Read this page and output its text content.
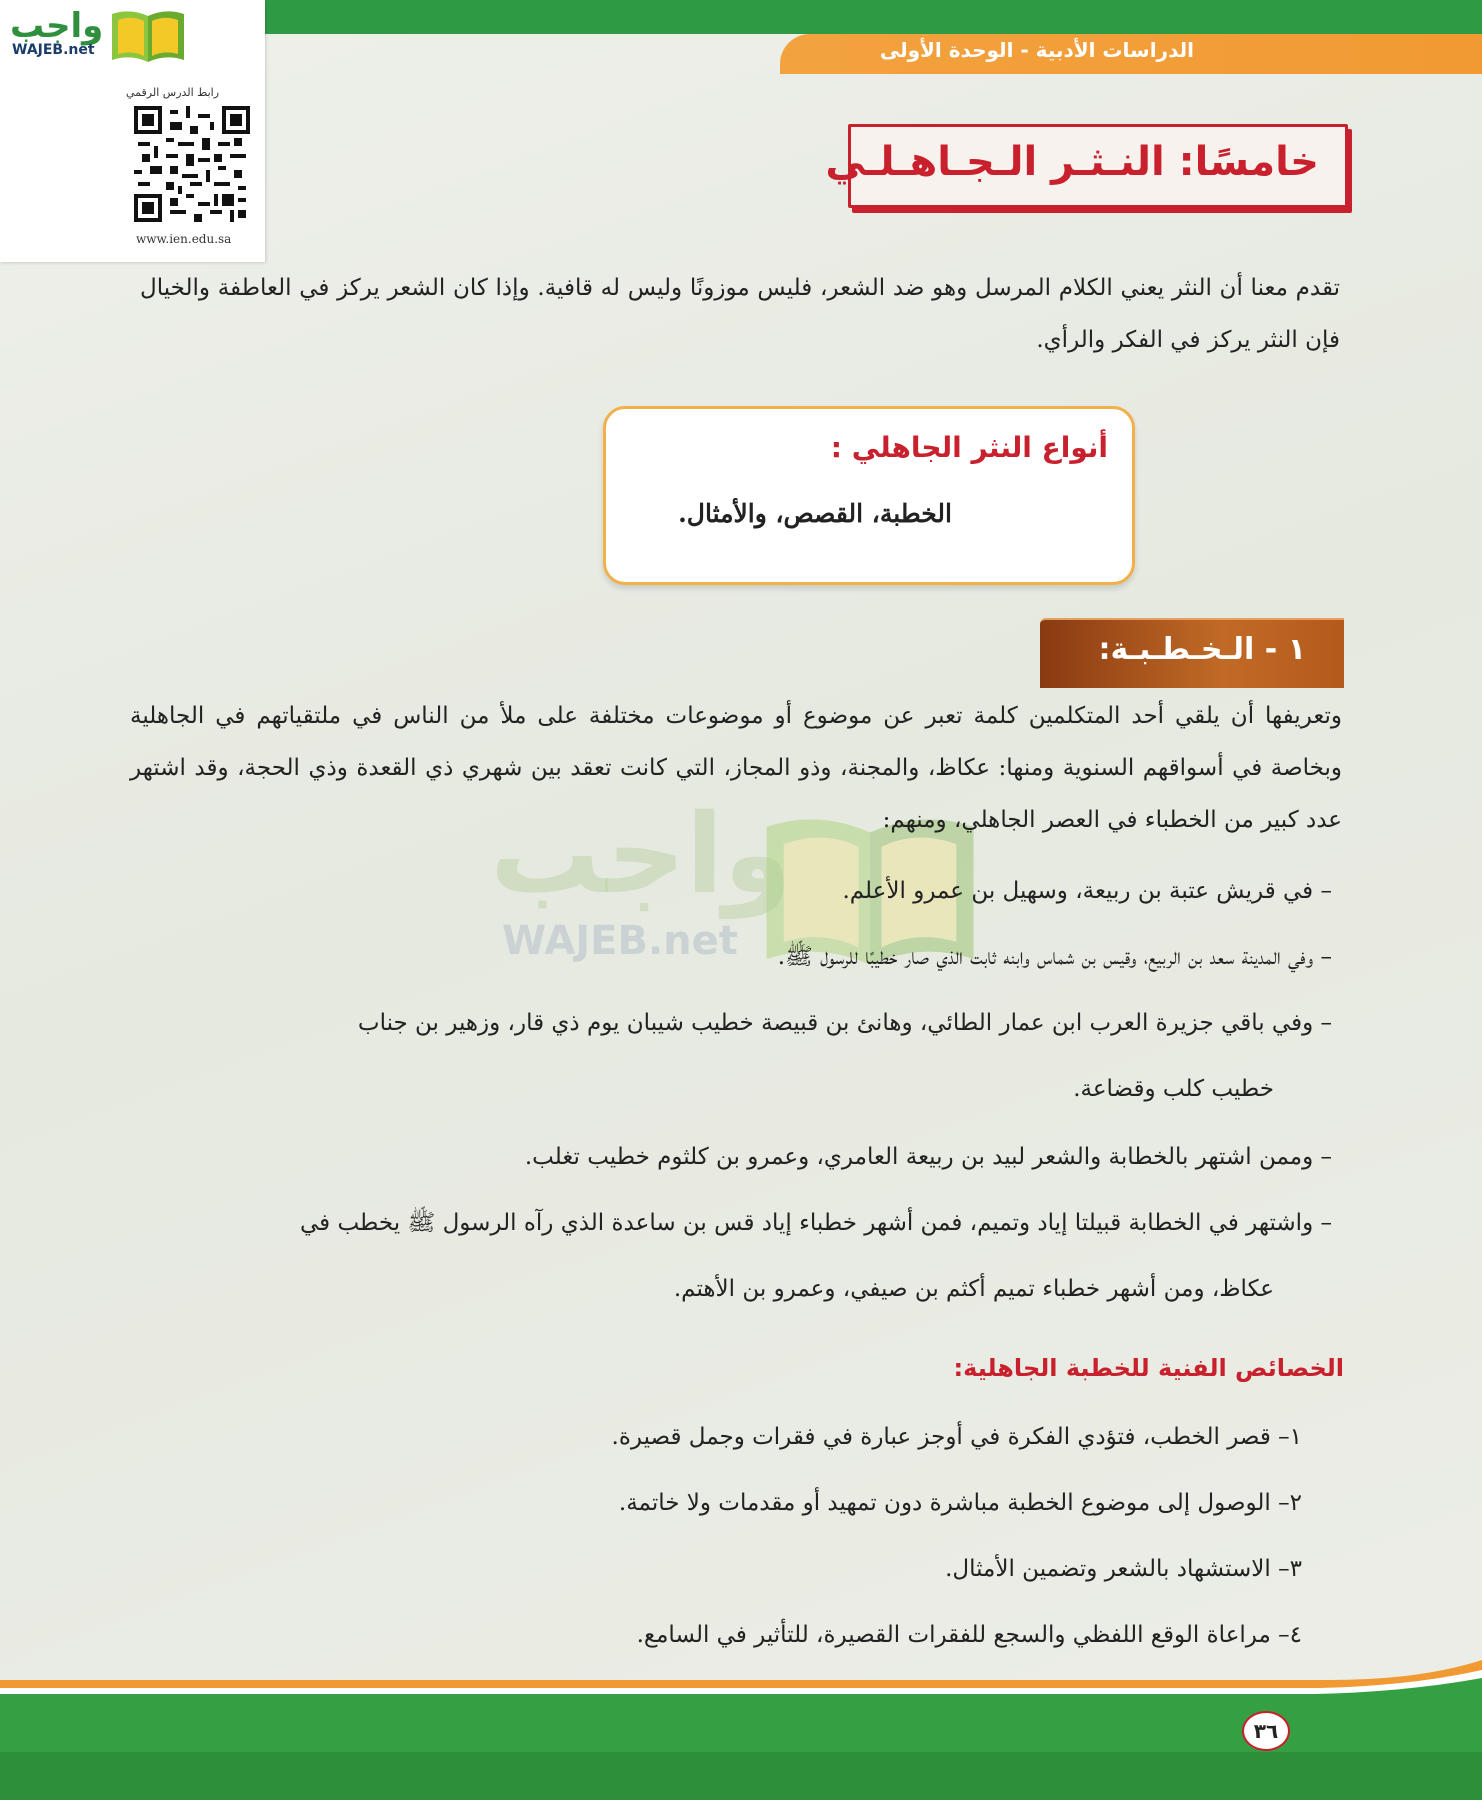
الدراسات الأدبية - الوحدة الأولى
واجب
WAJEB.net
رابط الدرس الرقمي
www.ien.edu.sa
خامسًا: النـثـر الـجـاهـلـي
تقدم معنا أن النثر يعني الكلام المرسل وهو ضد الشعر، فليس موزونًا وليس له قافية. وإذا كان الشعر يركز في العاطفة والخيال فإن النثر يركز في الفكر والرأي.
أنواع النثر الجاهلي :
الخطبة، القصص، والأمثال.
واجب
WAJEB.net
١ - الـخـطـبـة:
وتعريفها أن يلقي أحد المتكلمين كلمة تعبر عن موضوع أو موضوعات مختلفة على ملأ من الناس في ملتقياتهم في الجاهلية وبخاصة في أسواقهم السنوية ومنها: عكاظ، والمجنة، وذو المجاز، التي كانت تعقد بين شهري ذي القعدة وذي الحجة، وقد اشتهر عدد كبير من الخطباء في العصر الجاهلي، ومنهم:
– في قريش عتبة بن ربيعة، وسهيل بن عمرو الأعلم.
– وفي المدينة سعد بن الربيع، وقيس بن شماس وابنه ثابت الذي صار خطيبًا للرسول ﷺ.
– وفي باقي جزيرة العرب ابن عمار الطائي، وهانئ بن قبيصة خطيب شيبان يوم ذي قار، وزهير بن جناب
خطيب كلب وقضاعة.
– وممن اشتهر بالخطابة والشعر لبيد بن ربيعة العامري، وعمرو بن كلثوم خطيب تغلب.
– واشتهر في الخطابة قبيلتا إياد وتميم، فمن أشهر خطباء إياد قس بن ساعدة الذي رآه الرسول ﷺ يخطب في
عكاظ، ومن أشهر خطباء تميم أكثم بن صيفي، وعمرو بن الأهتم.
الخصائص الفنية للخطبة الجاهلية:
١– قصر الخطب، فتؤدي الفكرة في أوجز عبارة في فقرات وجمل قصيرة.
٢– الوصول إلى موضوع الخطبة مباشرة دون تمهيد أو مقدمات ولا خاتمة.
٣– الاستشهاد بالشعر وتضمين الأمثال.
٤– مراعاة الوقع اللفظي والسجع للفقرات القصيرة، للتأثير في السامع.
٣٦
